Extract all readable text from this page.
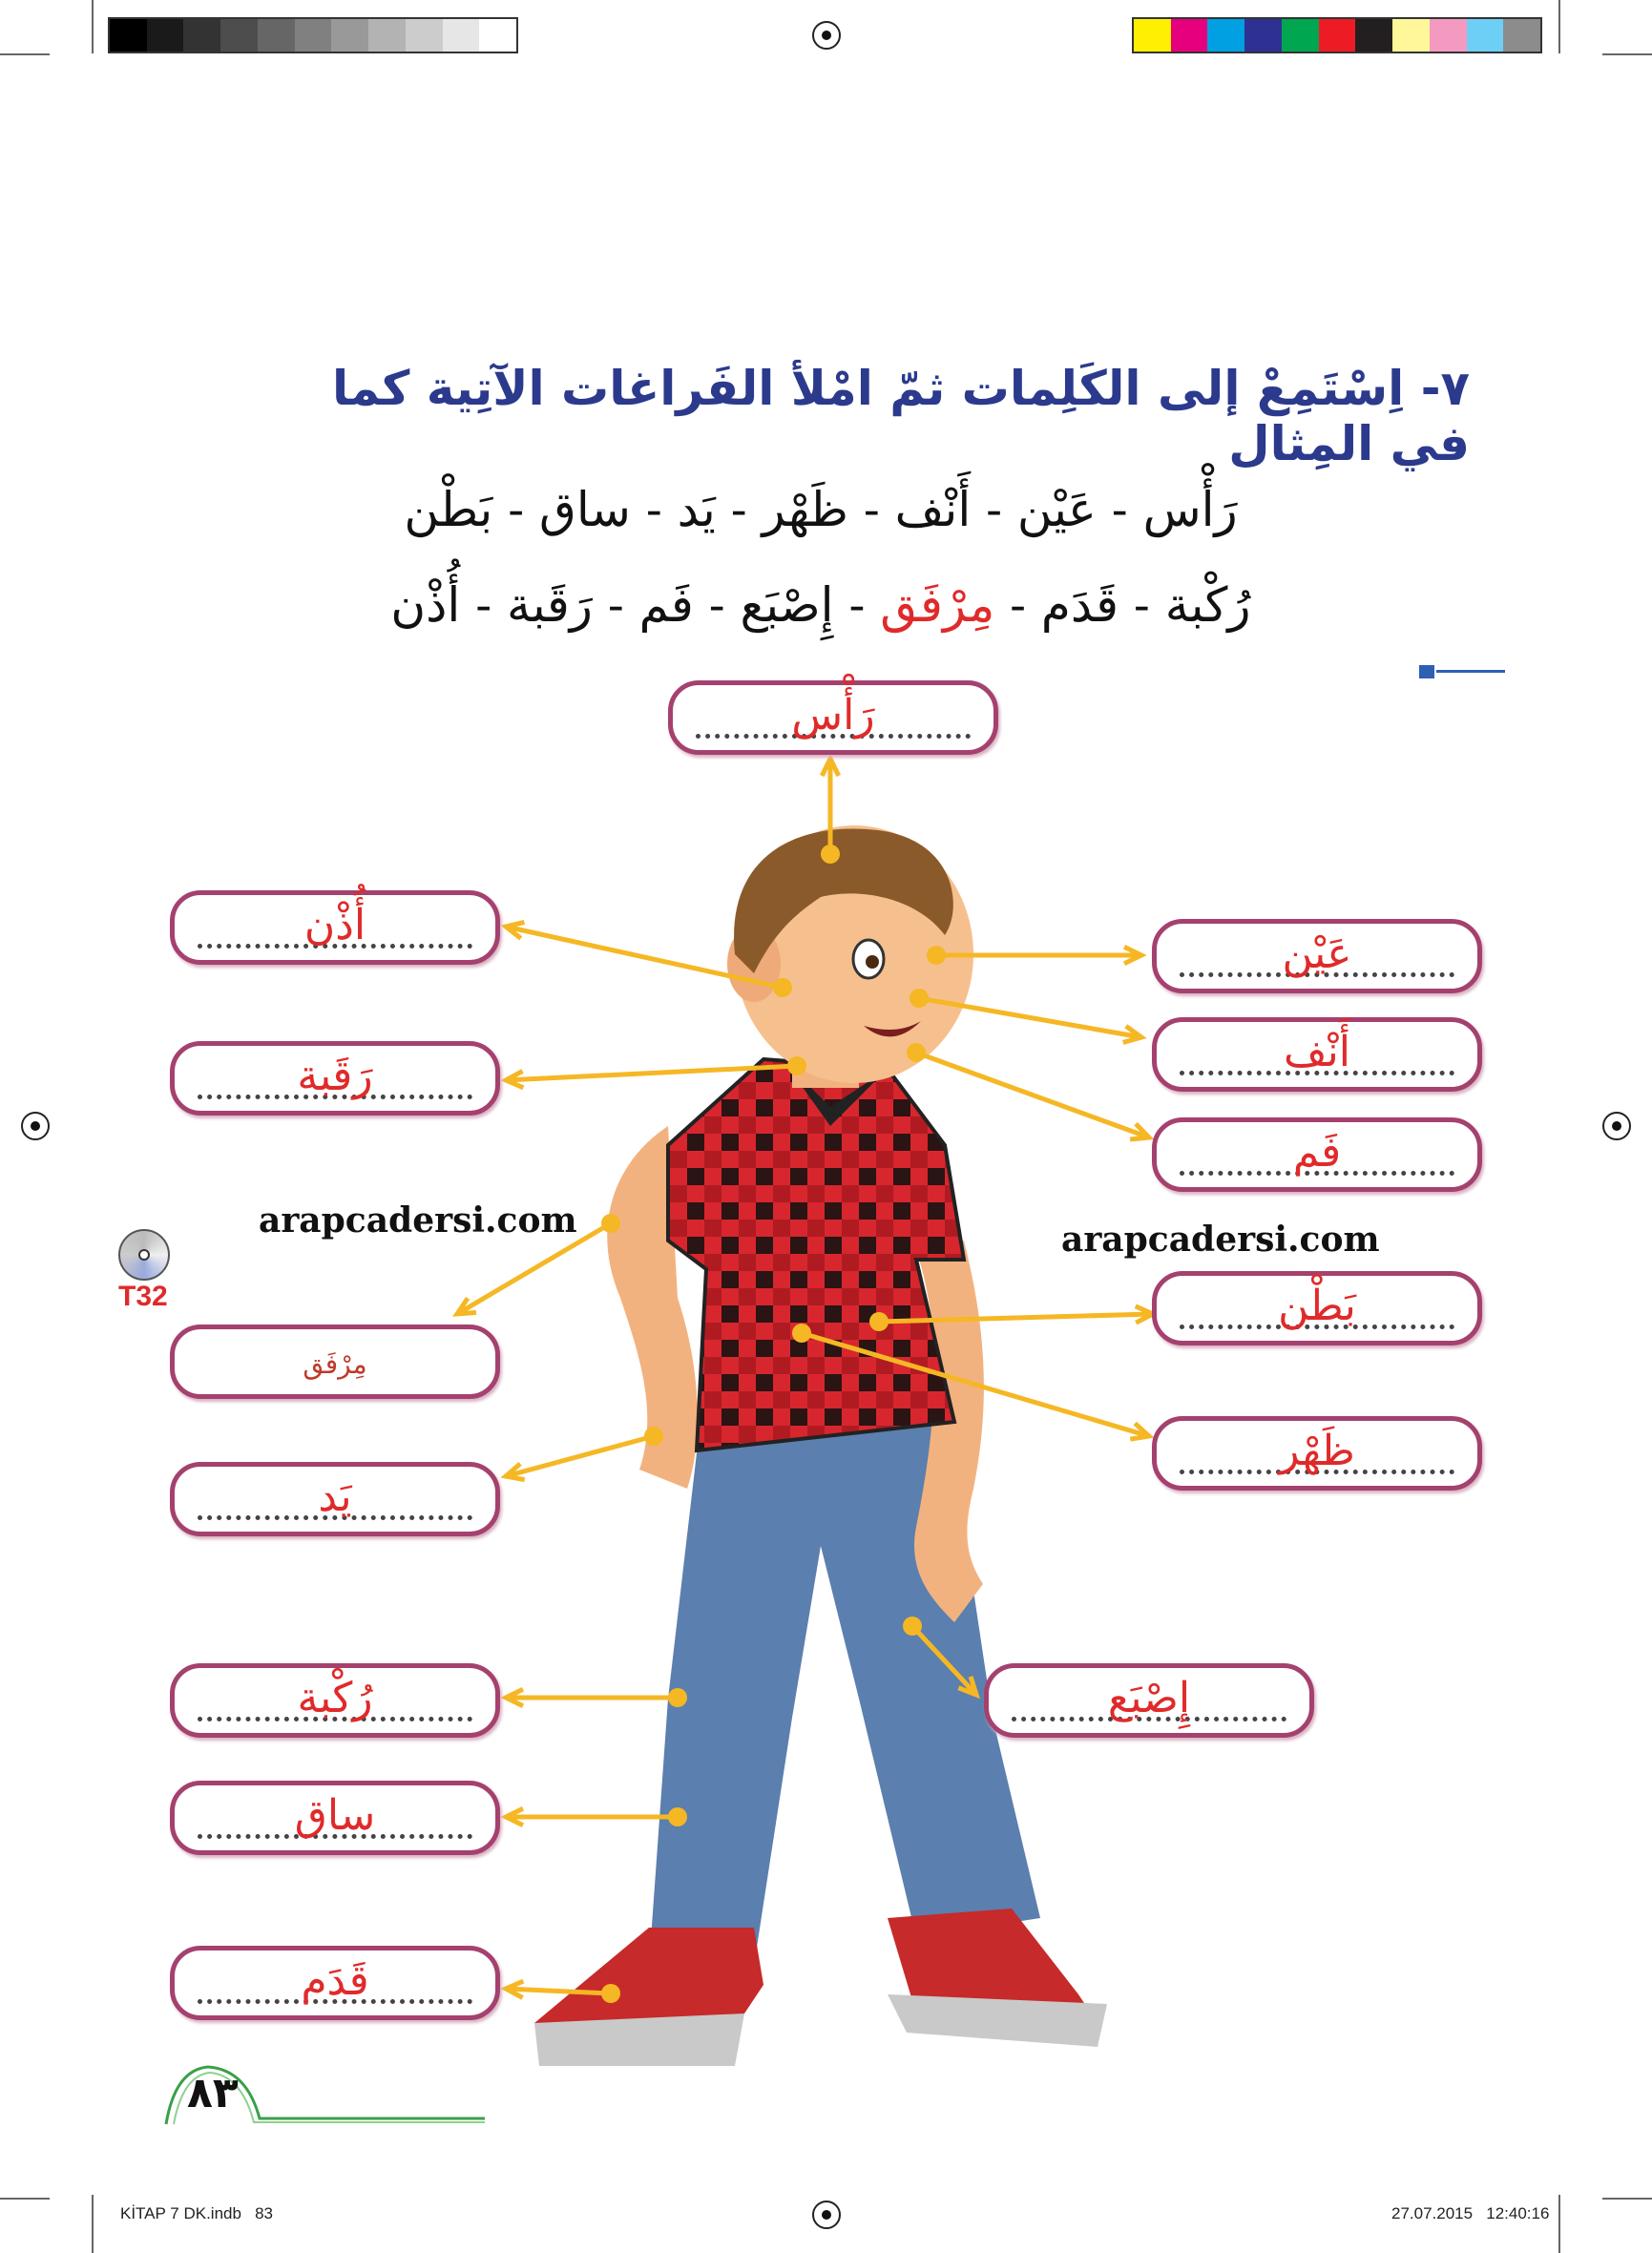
٧- اِسْتَمِعْ إلى الكَلِمات ثمّ امْلأ الفَراغات الآتِية كما في المِثال
رَأْس - عَيْن - أَنْف - ظَهْر - يَد - ساق - بَطْن
رُكْبة - قَدَم - مِرْفَق - إِصْبَع - فَم - رَقَبة - أُذْن
رَأْس
أُذْن
رَقَبة
مِرْفَق
يَد
رُكْبة
ساق
قَدَم
عَيْن
أَنْف
فَم
بَطْن
ظَهْر
إِصْبَع
arapcadersi.com	arapcadersi.com
T32
٨٣
KİTAP 7 DK.indb   83	27.07.2015   12:40:16
